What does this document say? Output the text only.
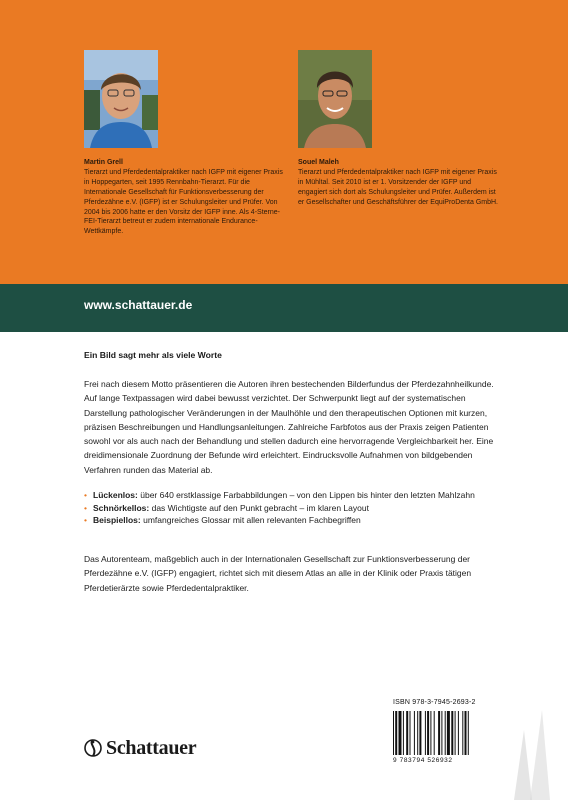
Martin Grell
Tierarzt und Pferdedentalpraktiker nach IGFP mit eigener Praxis in Hoppegarten, seit 1995 Rennbahn-Tierarzt. Für die Internationale Gesellschaft für Funktionsverbesserung der Pferdezähne e.V. (IGFP) ist er Schulungsleiter und Prüfer. Von 2004 bis 2006 hatte er den Vorsitz der IGFP inne. Als 4-Sterne-FEI-Tierarzt betreut er zudem internationale Endurance-Wettkämpfe.
Souel Maleh
Tierarzt und Pferdedentalpraktiker nach IGFP mit eigener Praxis in Mühltal. Seit 2010 ist er 1. Vorsitzender der IGFP und engagiert sich dort als Schulungsleiter und Prüfer. Außerdem ist er Gesellschafter und Geschäftsführer der EquiProDenta GmbH.
www.schattauer.de
Ein Bild sagt mehr als viele Worte

Frei nach diesem Motto präsentieren die Autoren ihren bestechenden Bilderfundus der Pferdezahnheilkunde. Auf lange Textpassagen wird dabei bewusst verzichtet. Der Schwerpunkt liegt auf der systematischen Darstellung pathologischer Veränderungen in der Maulhöhle und den therapeutischen Optionen mit kurzen, präzisen Beschreibungen und Handlungsanleitungen. Zahlreiche Farbfotos aus der Praxis zeigen Patienten sowohl vor als auch nach der Behandlung und stellen dadurch eine hervorragende Vergleichbarkeit her. Eine dreidimensionale Zuordnung der Befunde wird erleichtert. Eindrucksvolle Aufnahmen von bildgebenden Verfahren runden das Material ab.

• Lückenlos: über 640 erstklassige Farbabbildungen – von den Lippen bis hinter den letzten Mahlzahn
• Schnörkellos: das Wichtigste auf den Punkt gebracht – im klaren Layout
• Beispiellos: umfangreiches Glossar mit allen relevanten Fachbegriffen

Das Autorenteam, maßgeblich auch in der Internationalen Gesellschaft zur Funktionsverbesserung der Pferdezähne e.V. (IGFP) engagiert, richtet sich mit diesem Atlas an alle in der Klinik oder Praxis tätigen Pferdetierärzte sowie Pferdedentalpraktiker.

ISBN 978-3-7945-2693-2
9 783794 526932
Schattauer
